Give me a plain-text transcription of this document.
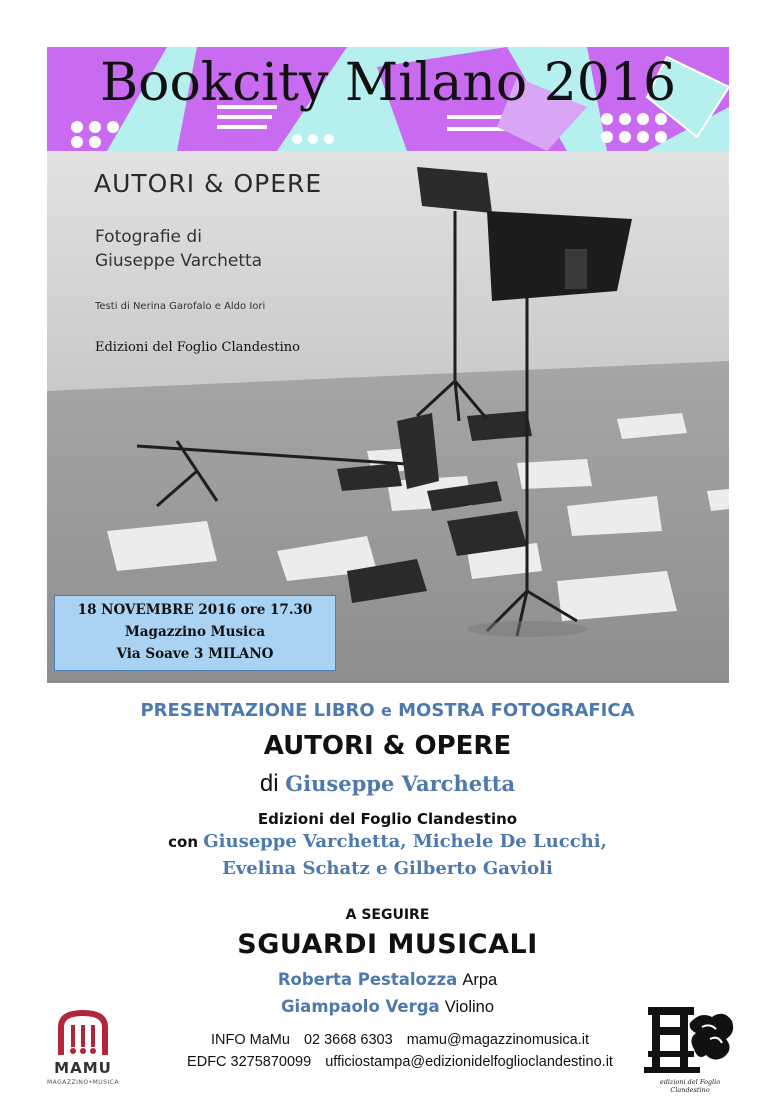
Bookcity Milano 2016
AUTORI & OPERE
Fotografie di
Giuseppe Varchetta
Testi di Nerina Garofalo e Aldo Iori
Edizioni del Foglio Clandestino
18 NOVEMBRE 2016 ore 17.30
Magazzino Musica
Via Soave 3 MILANO
PRESENTAZIONE LIBRO e MOSTRA FOTOGRAFICA
AUTORI & OPERE
di Giuseppe Varchetta
Edizioni del Foglio Clandestino
con Giuseppe Varchetta, Michele De Lucchi,
Evelina Schatz e Gilberto Gavioli
A SEGUIRE
SGUARDI MUSICALI
Roberta Pestalozza Arpa
Giampaolo Verga Violino
INFO MaMu 02 3668 6303 mamu@magazzinomusica.it
EDFC 3275870099 ufficiostampa@edizionidelfoglioclandestino.it
MAMU
MAGAZZINO•MUSICA	edizioni del Foglio Clandestino
